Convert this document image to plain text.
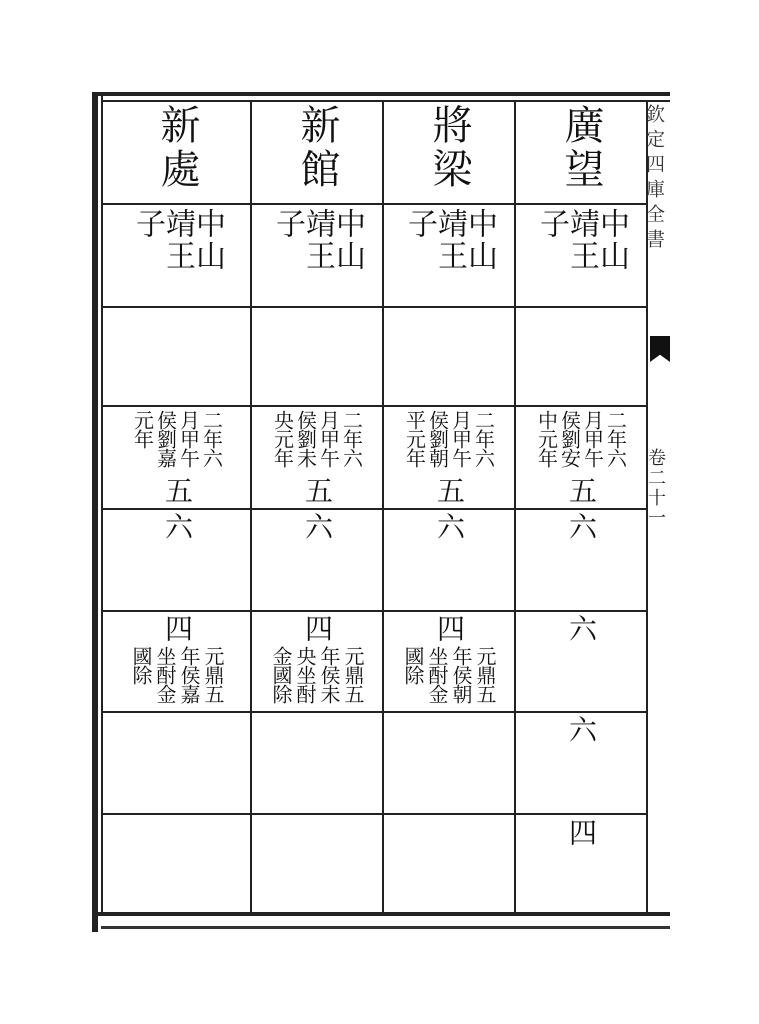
欽定四庫全書
卷二十一
廣望
中山
靖王
子
二年六
月甲午
侯劉安
中元年
五
六
六
六
四
將梁
中山
靖王
子
二年六
月甲午
侯劉朝
平元年
五
六
四
元鼎五
年侯朝
坐酎金
國除
新館
中山
靖王
子
二年六
月甲午
侯劉未
央元年
五
六
四
元鼎五
年侯未
央坐酎
金國除
新處
中山
靖王
子
二年六
月甲午
侯劉嘉
元年
五
六
四
元鼎五
年侯嘉
坐酎金
國除
